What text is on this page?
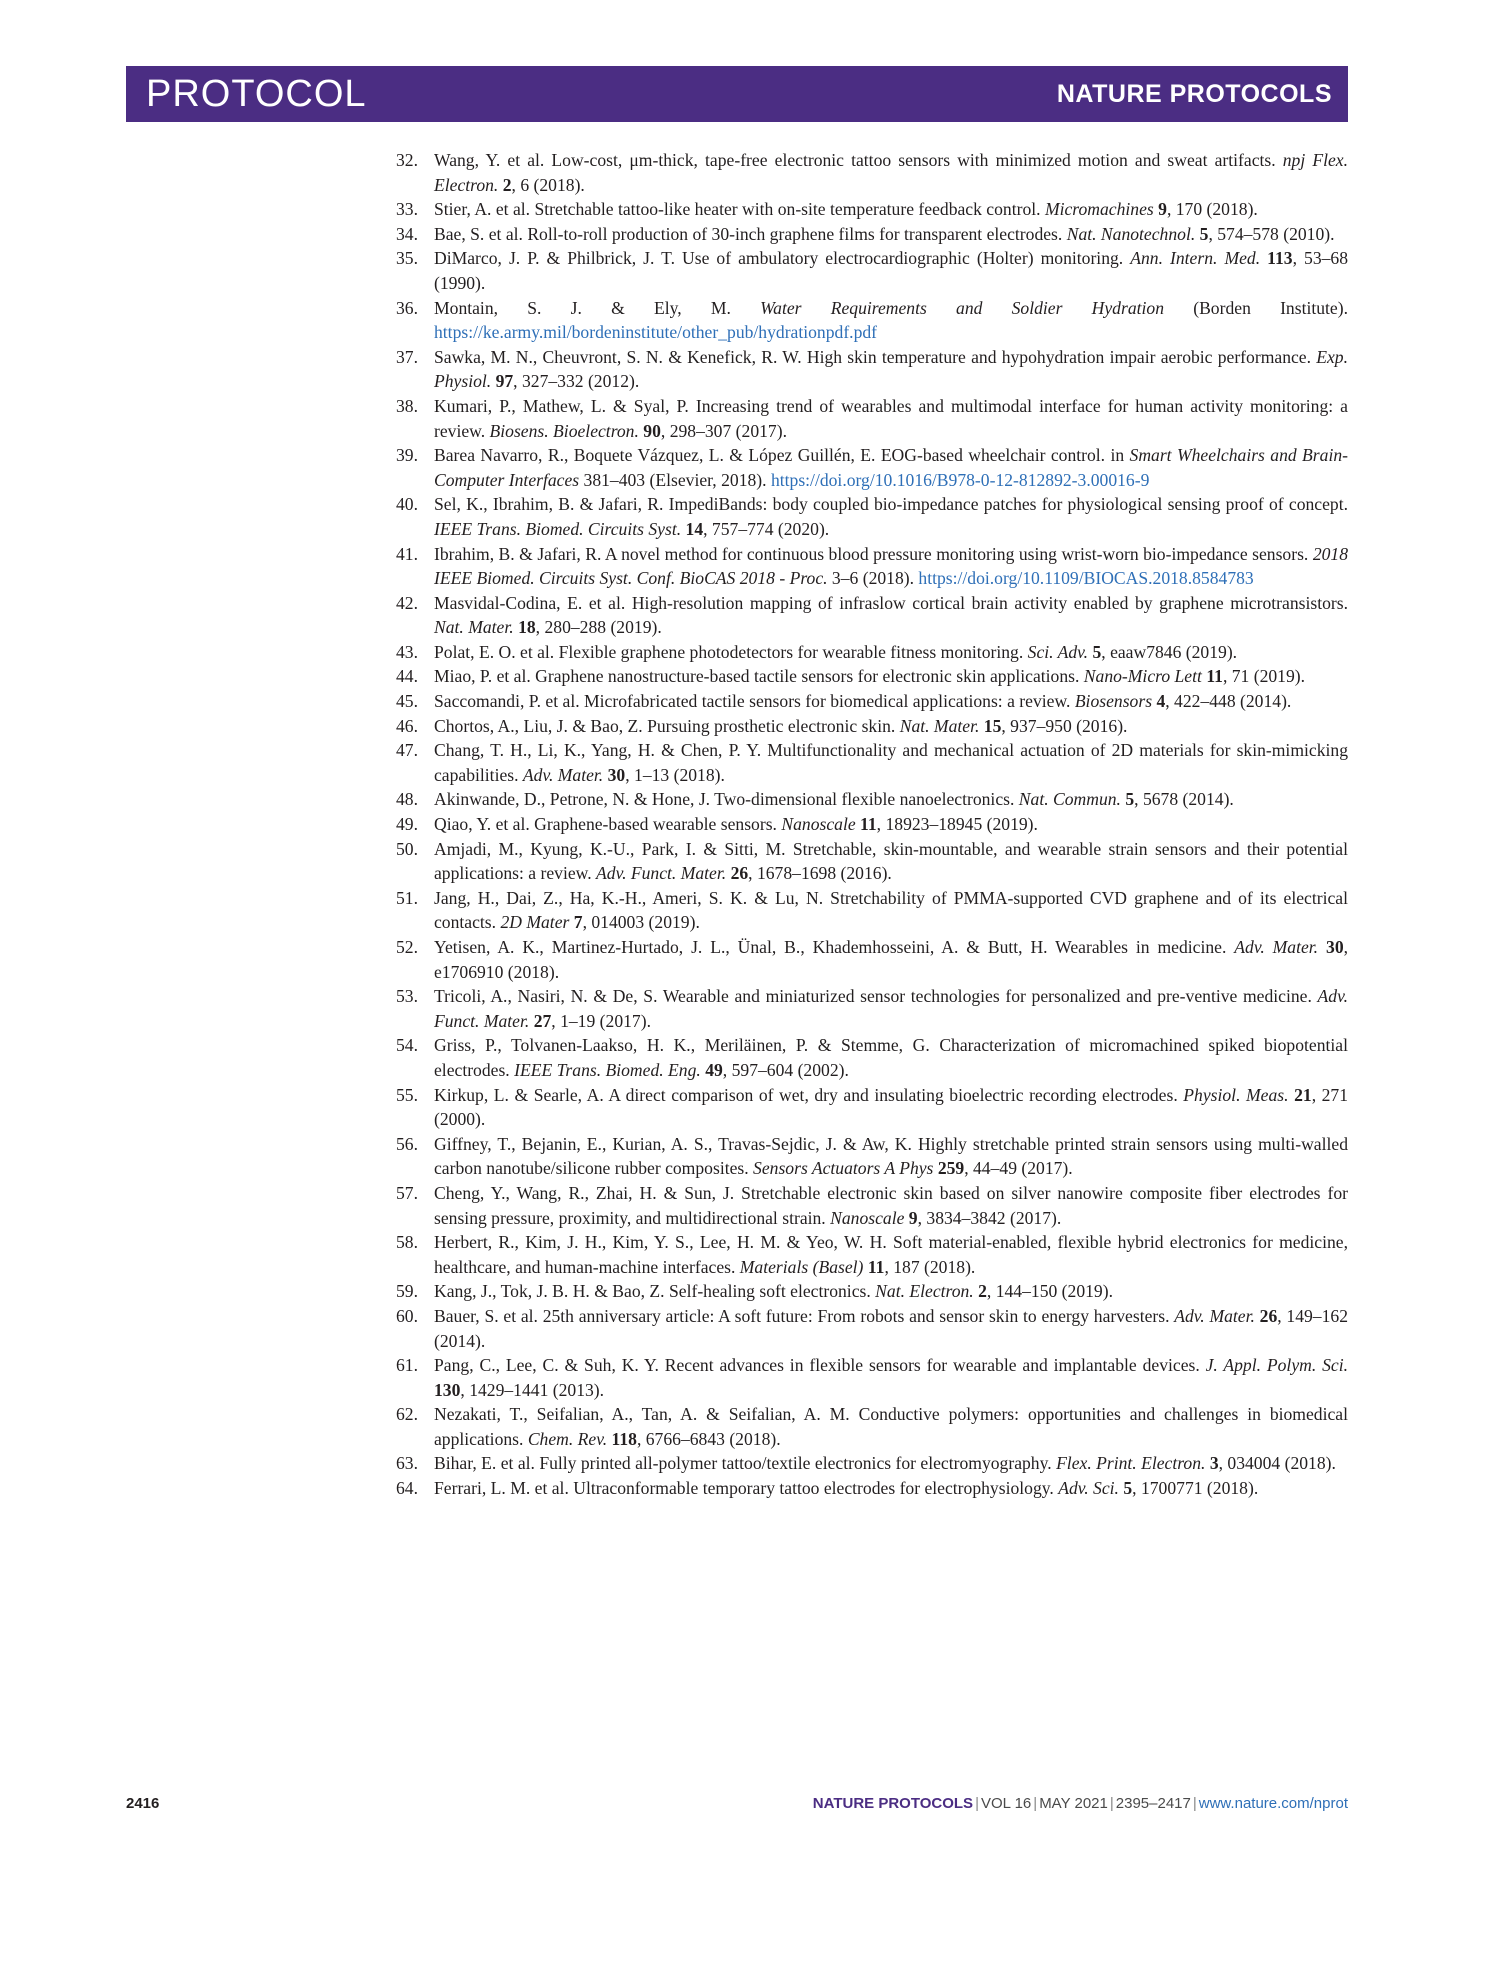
PROTOCOL	NATURE PROTOCOLS
32. Wang, Y. et al. Low-cost, μm-thick, tape-free electronic tattoo sensors with minimized motion and sweat artifacts. npj Flex. Electron. 2, 6 (2018).
33. Stier, A. et al. Stretchable tattoo-like heater with on-site temperature feedback control. Micromachines 9, 170 (2018).
34. Bae, S. et al. Roll-to-roll production of 30-inch graphene films for transparent electrodes. Nat. Nanotechnol. 5, 574–578 (2010).
35. DiMarco, J. P. & Philbrick, J. T. Use of ambulatory electrocardiographic (Holter) monitoring. Ann. Intern. Med. 113, 53–68 (1990).
36. Montain, S. J. & Ely, M. Water Requirements and Soldier Hydration (Borden Institute). https://ke.army.mil/bordeninstitute/other_pub/hydrationpdf.pdf
37. Sawka, M. N., Cheuvront, S. N. & Kenefick, R. W. High skin temperature and hypohydration impair aerobic performance. Exp. Physiol. 97, 327–332 (2012).
38. Kumari, P., Mathew, L. & Syal, P. Increasing trend of wearables and multimodal interface for human activity monitoring: a review. Biosens. Bioelectron. 90, 298–307 (2017).
39. Barea Navarro, R., Boquete Vázquez, L. & López Guillén, E. EOG-based wheelchair control. in Smart Wheelchairs and Brain-Computer Interfaces 381–403 (Elsevier, 2018). https://doi.org/10.1016/B978-0-12-812892-3.00016-9
40. Sel, K., Ibrahim, B. & Jafari, R. ImpediBands: body coupled bio-impedance patches for physiological sensing proof of concept. IEEE Trans. Biomed. Circuits Syst. 14, 757–774 (2020).
41. Ibrahim, B. & Jafari, R. A novel method for continuous blood pressure monitoring using wrist-worn bio-impedance sensors. 2018 IEEE Biomed. Circuits Syst. Conf. BioCAS 2018 - Proc. 3–6 (2018). https://doi.org/10.1109/BIOCAS.2018.8584783
42. Masvidal-Codina, E. et al. High-resolution mapping of infraslow cortical brain activity enabled by graphene microtransistors. Nat. Mater. 18, 280–288 (2019).
43. Polat, E. O. et al. Flexible graphene photodetectors for wearable fitness monitoring. Sci. Adv. 5, eaaw7846 (2019).
44. Miao, P. et al. Graphene nanostructure-based tactile sensors for electronic skin applications. Nano-Micro Lett 11, 71 (2019).
45. Saccomandi, P. et al. Microfabricated tactile sensors for biomedical applications: a review. Biosensors 4, 422–448 (2014).
46. Chortos, A., Liu, J. & Bao, Z. Pursuing prosthetic electronic skin. Nat. Mater. 15, 937–950 (2016).
47. Chang, T. H., Li, K., Yang, H. & Chen, P. Y. Multifunctionality and mechanical actuation of 2D materials for skin-mimicking capabilities. Adv. Mater. 30, 1–13 (2018).
48. Akinwande, D., Petrone, N. & Hone, J. Two-dimensional flexible nanoelectronics. Nat. Commun. 5, 5678 (2014).
49. Qiao, Y. et al. Graphene-based wearable sensors. Nanoscale 11, 18923–18945 (2019).
50. Amjadi, M., Kyung, K.-U., Park, I. & Sitti, M. Stretchable, skin-mountable, and wearable strain sensors and their potential applications: a review. Adv. Funct. Mater. 26, 1678–1698 (2016).
51. Jang, H., Dai, Z., Ha, K.-H., Ameri, S. K. & Lu, N. Stretchability of PMMA-supported CVD graphene and of its electrical contacts. 2D Mater 7, 014003 (2019).
52. Yetisen, A. K., Martinez-Hurtado, J. L., Ünal, B., Khademhosseini, A. & Butt, H. Wearables in medicine. Adv. Mater. 30, e1706910 (2018).
53. Tricoli, A., Nasiri, N. & De, S. Wearable and miniaturized sensor technologies for personalized and pre-ventive medicine. Adv. Funct. Mater. 27, 1–19 (2017).
54. Griss, P., Tolvanen-Laakso, H. K., Meriläinen, P. & Stemme, G. Characterization of micromachined spiked biopotential electrodes. IEEE Trans. Biomed. Eng. 49, 597–604 (2002).
55. Kirkup, L. & Searle, A. A direct comparison of wet, dry and insulating bioelectric recording electrodes. Physiol. Meas. 21, 271 (2000).
56. Giffney, T., Bejanin, E., Kurian, A. S., Travas-Sejdic, J. & Aw, K. Highly stretchable printed strain sensors using multi-walled carbon nanotube/silicone rubber composites. Sensors Actuators A Phys 259, 44–49 (2017).
57. Cheng, Y., Wang, R., Zhai, H. & Sun, J. Stretchable electronic skin based on silver nanowire composite fiber electrodes for sensing pressure, proximity, and multidirectional strain. Nanoscale 9, 3834–3842 (2017).
58. Herbert, R., Kim, J. H., Kim, Y. S., Lee, H. M. & Yeo, W. H. Soft material-enabled, flexible hybrid electronics for medicine, healthcare, and human-machine interfaces. Materials (Basel) 11, 187 (2018).
59. Kang, J., Tok, J. B. H. & Bao, Z. Self-healing soft electronics. Nat. Electron. 2, 144–150 (2019).
60. Bauer, S. et al. 25th anniversary article: A soft future: From robots and sensor skin to energy harvesters. Adv. Mater. 26, 149–162 (2014).
61. Pang, C., Lee, C. & Suh, K. Y. Recent advances in flexible sensors for wearable and implantable devices. J. Appl. Polym. Sci. 130, 1429–1441 (2013).
62. Nezakati, T., Seifalian, A., Tan, A. & Seifalian, A. M. Conductive polymers: opportunities and challenges in biomedical applications. Chem. Rev. 118, 6766–6843 (2018).
63. Bihar, E. et al. Fully printed all-polymer tattoo/textile electronics for electromyography. Flex. Print. Electron. 3, 034004 (2018).
64. Ferrari, L. M. et al. Ultraconformable temporary tattoo electrodes for electrophysiology. Adv. Sci. 5, 1700771 (2018).
2416	NATURE PROTOCOLS | VOL 16 | MAY 2021 | 2395–2417 | www.nature.com/nprot
